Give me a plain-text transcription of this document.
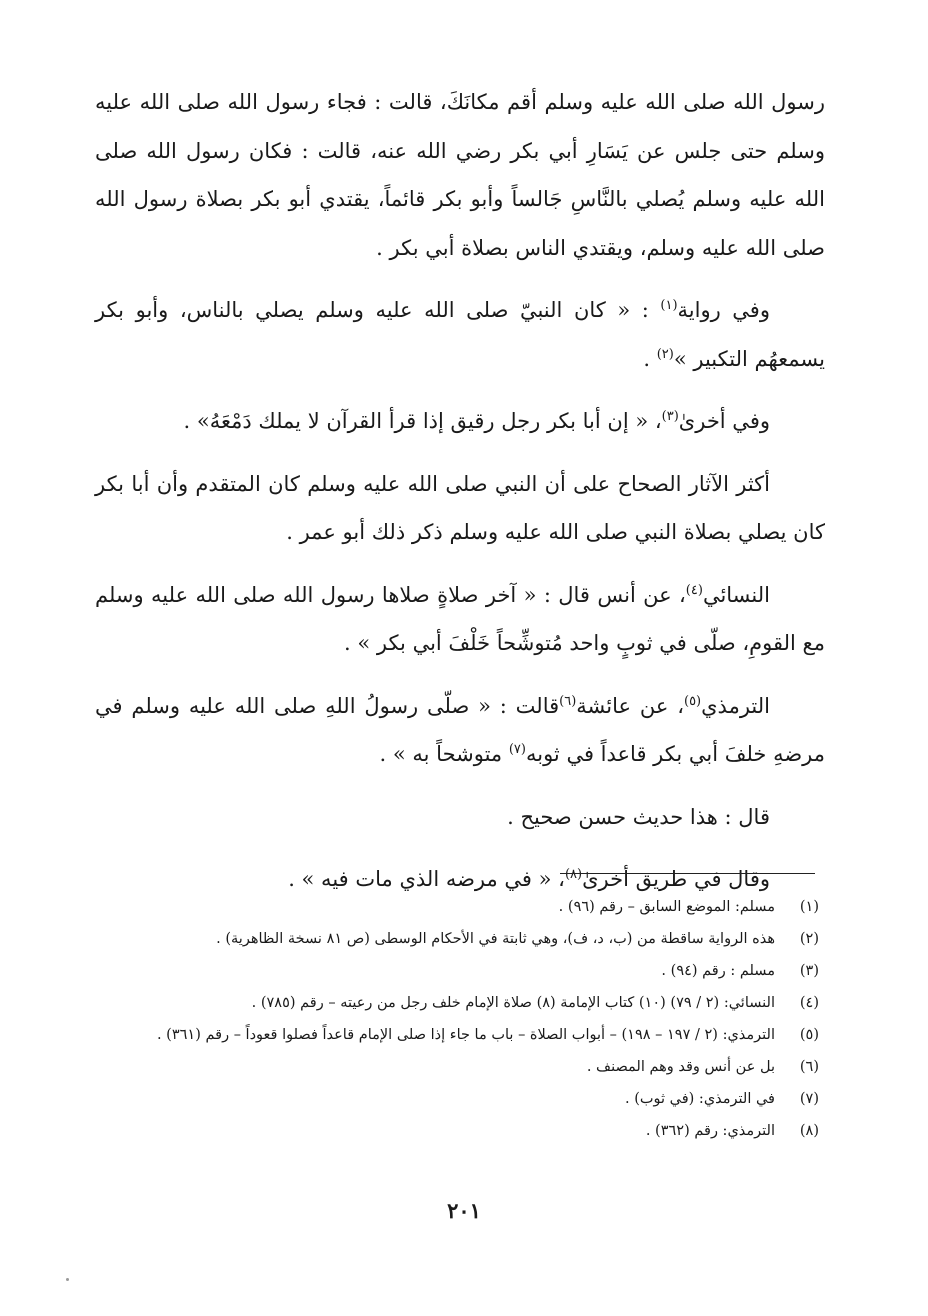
رسول الله صلى الله عليه وسلم أقم مكانَكَ، قالت : فجاء رسول الله صلى الله عليه وسلم حتى جلس عن يَسَارِ أبي بكر رضي الله عنه، قالت : فكان رسول الله صلى الله عليه وسلم يُصلي بالنَّاسِ جَالساً وأبو بكر قائماً، يقتدي أبو بكر بصلاة رسول الله صلى الله عليه وسلم، ويقتدي الناس بصلاة أبي بكر .

وفي رواية$^{(١)}$ : « كان النبيّ صلى الله عليه وسلم يصلي بالناس، وأبو بكر يسمعهُم التكبير »$^{(٢)}$ .

وفي أخرىٰ$^{(٣)}$، « إن أبا بكر رجل رقيق إذا قرأ القرآن لا يملك دَمْعَهُ» .

أكثر الآثار الصحاح على أن النبي صلى الله عليه وسلم كان المتقدم وأن أبا بكر كان يصلي بصلاة النبي صلى الله عليه وسلم ذكر ذلك أبو عمر .

النسائي$^{(٤)}$، عن أنس قال : « آخر صلاةٍ صلاها رسول الله صلى الله عليه وسلم مع القومِ، صلّى في ثوبٍ واحد مُتوشِّحاً خَلْفَ أبي بكر » .

الترمذي$^{(٥)}$، عن عائشة$^{(٦)}$قالت : « صلّى رسولُ اللهِ صلى الله عليه وسلم في مرضهِ خلفَ أبي بكر قاعداً في ثوبه$^{(٧)}$ متوشحاً به » .

قال : هذا حديث حسن صحيح .

وقال في طريق أخرىٰ$^{(٨)}$، « في مرضه الذي مات فيه » .

(١)
مسلم: الموضع السابق – رقم (٩٦) .
(٢)
هذه الرواية ساقطة من (ب، د، ف)، وهي ثابتة في الأحكام الوسطى (ص ٨١ نسخة الظاهرية) .
(٣)
مسلم : رقم (٩٤) .
(٤)
النسائي: (٢ / ٧٩) (١٠) كتاب الإمامة (٨) صلاة الإمام خلف رجل من رعيته – رقم (٧٨٥) .
(٥)
الترمذي: (٢ / ١٩٧ – ١٩٨) – أبواب الصلاة – باب ما جاء إذا صلى الإمام قاعداً فصلوا قعوداً – رقم (٣٦١) .
(٦)
بل عن أنس وقد وهم المصنف .
(٧)
في الترمذي: (في ثوب) .
(٨)
الترمذي: رقم (٣٦٢) .
٢٠١
